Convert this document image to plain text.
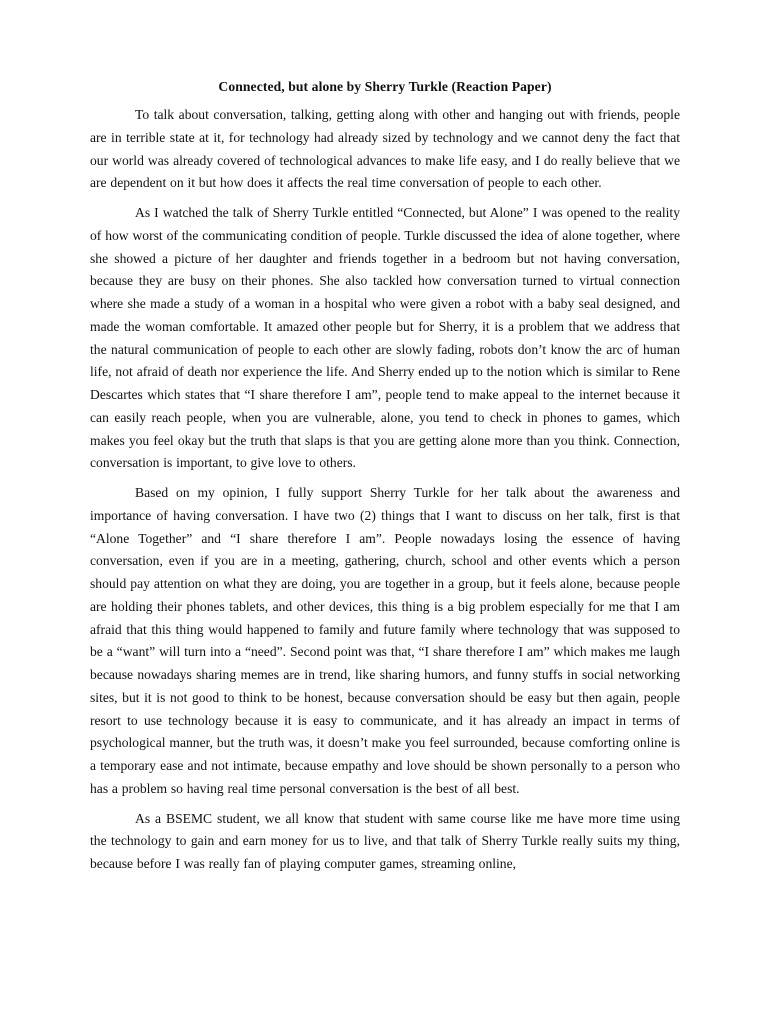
Connected, but alone by Sherry Turkle (Reaction Paper)

To talk about conversation, talking, getting along with other and hanging out with friends, people are in terrible state at it, for technology had already sized by technology and we cannot deny the fact that our world was already covered of technological advances to make life easy, and I do really believe that we are dependent on it but how does it affects the real time conversation of people to each other.

As I watched the talk of Sherry Turkle entitled “Connected, but Alone” I was opened to the reality of how worst of the communicating condition of people. Turkle discussed the idea of alone together, where she showed a picture of her daughter and friends together in a bedroom but not having conversation, because they are busy on their phones. She also tackled how conversation turned to virtual connection where she made a study of a woman in a hospital who were given a robot with a baby seal designed, and made the woman comfortable. It amazed other people but for Sherry, it is a problem that we address that the natural communication of people to each other are slowly fading, robots don’t know the arc of human life, not afraid of death nor experience the life. And Sherry ended up to the notion which is similar to Rene Descartes which states that “I share therefore I am”, people tend to make appeal to the internet because it can easily reach people, when you are vulnerable, alone, you tend to check in phones to games, which makes you feel okay but the truth that slaps is that you are getting alone more than you think. Connection, conversation is important, to give love to others.

Based on my opinion, I fully support Sherry Turkle for her talk about the awareness and importance of having conversation. I have two (2) things that I want to discuss on her talk, first is that “Alone Together” and “I share therefore I am”. People nowadays losing the essence of having conversation, even if you are in a meeting, gathering, church, school and other events which a person should pay attention on what they are doing, you are together in a group, but it feels alone, because people are holding their phones tablets, and other devices, this thing is a big problem especially for me that I am afraid that this thing would happened to family and future family where technology that was supposed to be a “want” will turn into a “need”. Second point was that, “I share therefore I am” which makes me laugh because nowadays sharing memes are in trend, like sharing humors, and funny stuffs in social networking sites, but it is not good to think to be honest, because conversation should be easy but then again, people resort to use technology because it is easy to communicate, and it has already an impact in terms of psychological manner, but the truth was, it doesn’t make you feel surrounded, because comforting online is a temporary ease and not intimate, because empathy and love should be shown personally to a person who has a problem so having real time personal conversation is the best of all best.

As a BSEMC student, we all know that student with same course like me have more time using the technology to gain and earn money for us to live, and that talk of Sherry Turkle really suits my thing, because before I was really fan of playing computer games, streaming online,
